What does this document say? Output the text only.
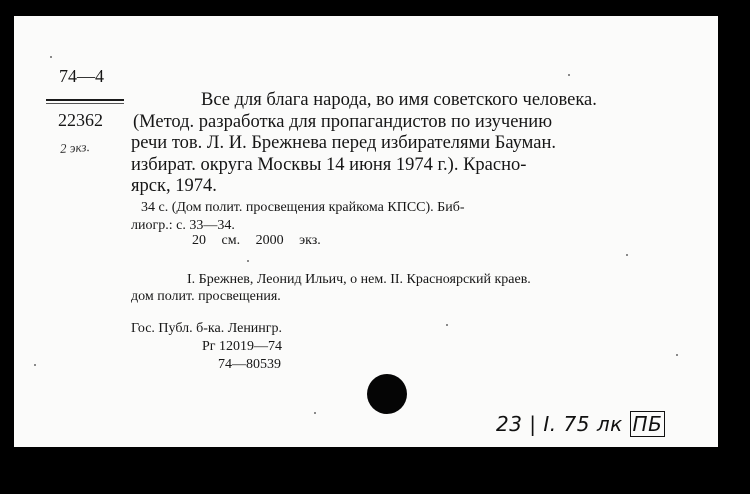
74—4
22362
2 экз.
Все для блага народа, во имя советского человека.
(Метод. разработка для пропагандистов по изучению
речи тов. Л. И. Брежнева перед избирателями Бауман.
избират. округа Москвы 14 июня 1974 г.). Красно-
ярск, 1974.
34 с. (Дом полит. просвещения крайкома КПСС). Биб-
лиогр.: с. 33—34.
20 см. 2000 экз.
I. Брежнев, Леонид Ильич, о нем. II. Красноярский краев.
дом полит. просвещения.
Гос. Публ. б-ка. Ленингр.
Рг 12019—74
74—80539
23 | I. 75 лк ПБ
